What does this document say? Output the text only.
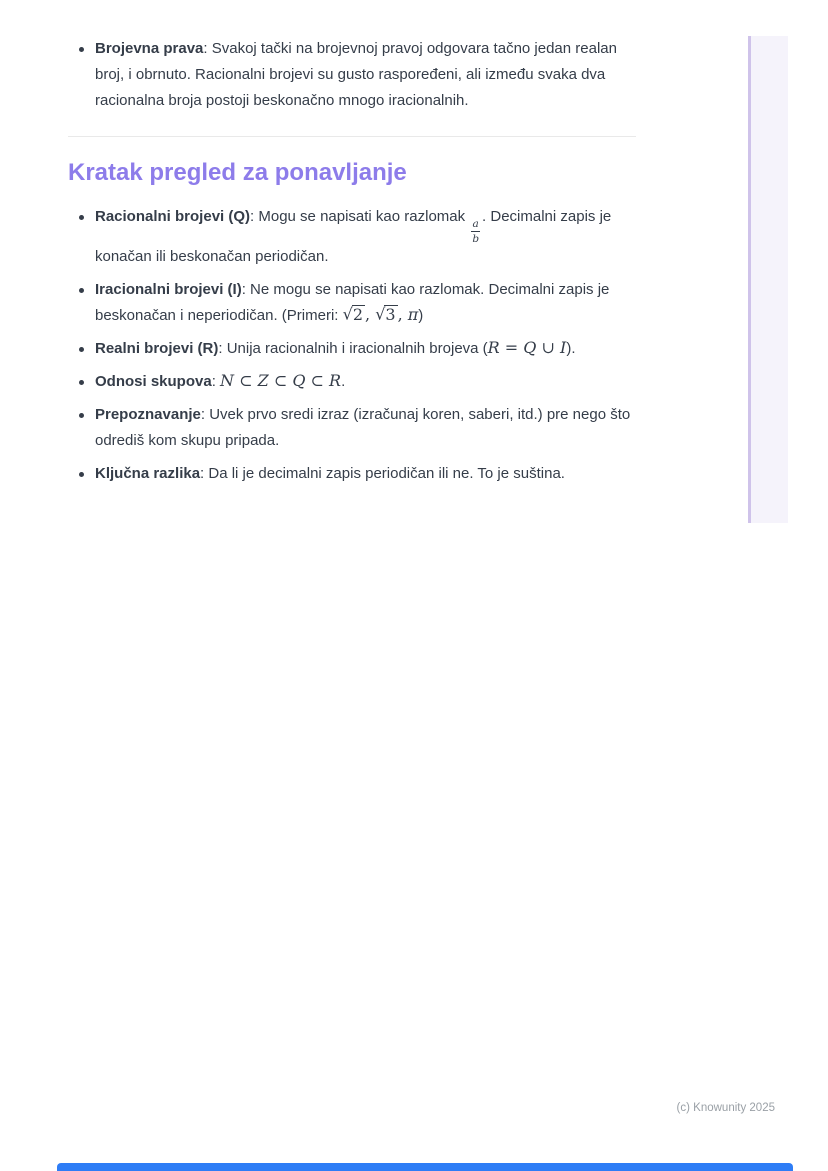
Brojevna prava: Svakoj tački na brojevnoj pravoj odgovara tačno jedan realan broj, i obrnuto. Racionalni brojevi su gusto raspoređeni, ali između svaka dva racionalna broja postoji beskonačno mnogo iracionalnih.
Kratak pregled za ponavljanje
Racionalni brojevi (Q): Mogu se napisati kao razlomak
$\frac{a}{b}$
. Decimalni zapis je konačan ili beskonačan periodičan.
Iracionalni brojevi (I): Ne mogu se napisati kao razlomak. Decimalni zapis je beskonačan i neperiodičan. (Primeri: √2 , √3 , π)
Realni brojevi (R): Unija racionalnih i iracionalnih brojeva (R = Q ∪ I).
Odnosi skupova: N ⊂ Z ⊂ Q ⊂ R.
Prepoznavanje: Uvek prvo sredi izraz (izračunaj koren, saberi, itd.) pre nego što odrediš kom skupu pripada.
Ključna razlika: Da li je decimalni zapis periodičan ili ne. To je suština.
(c) Knowunity 2025
